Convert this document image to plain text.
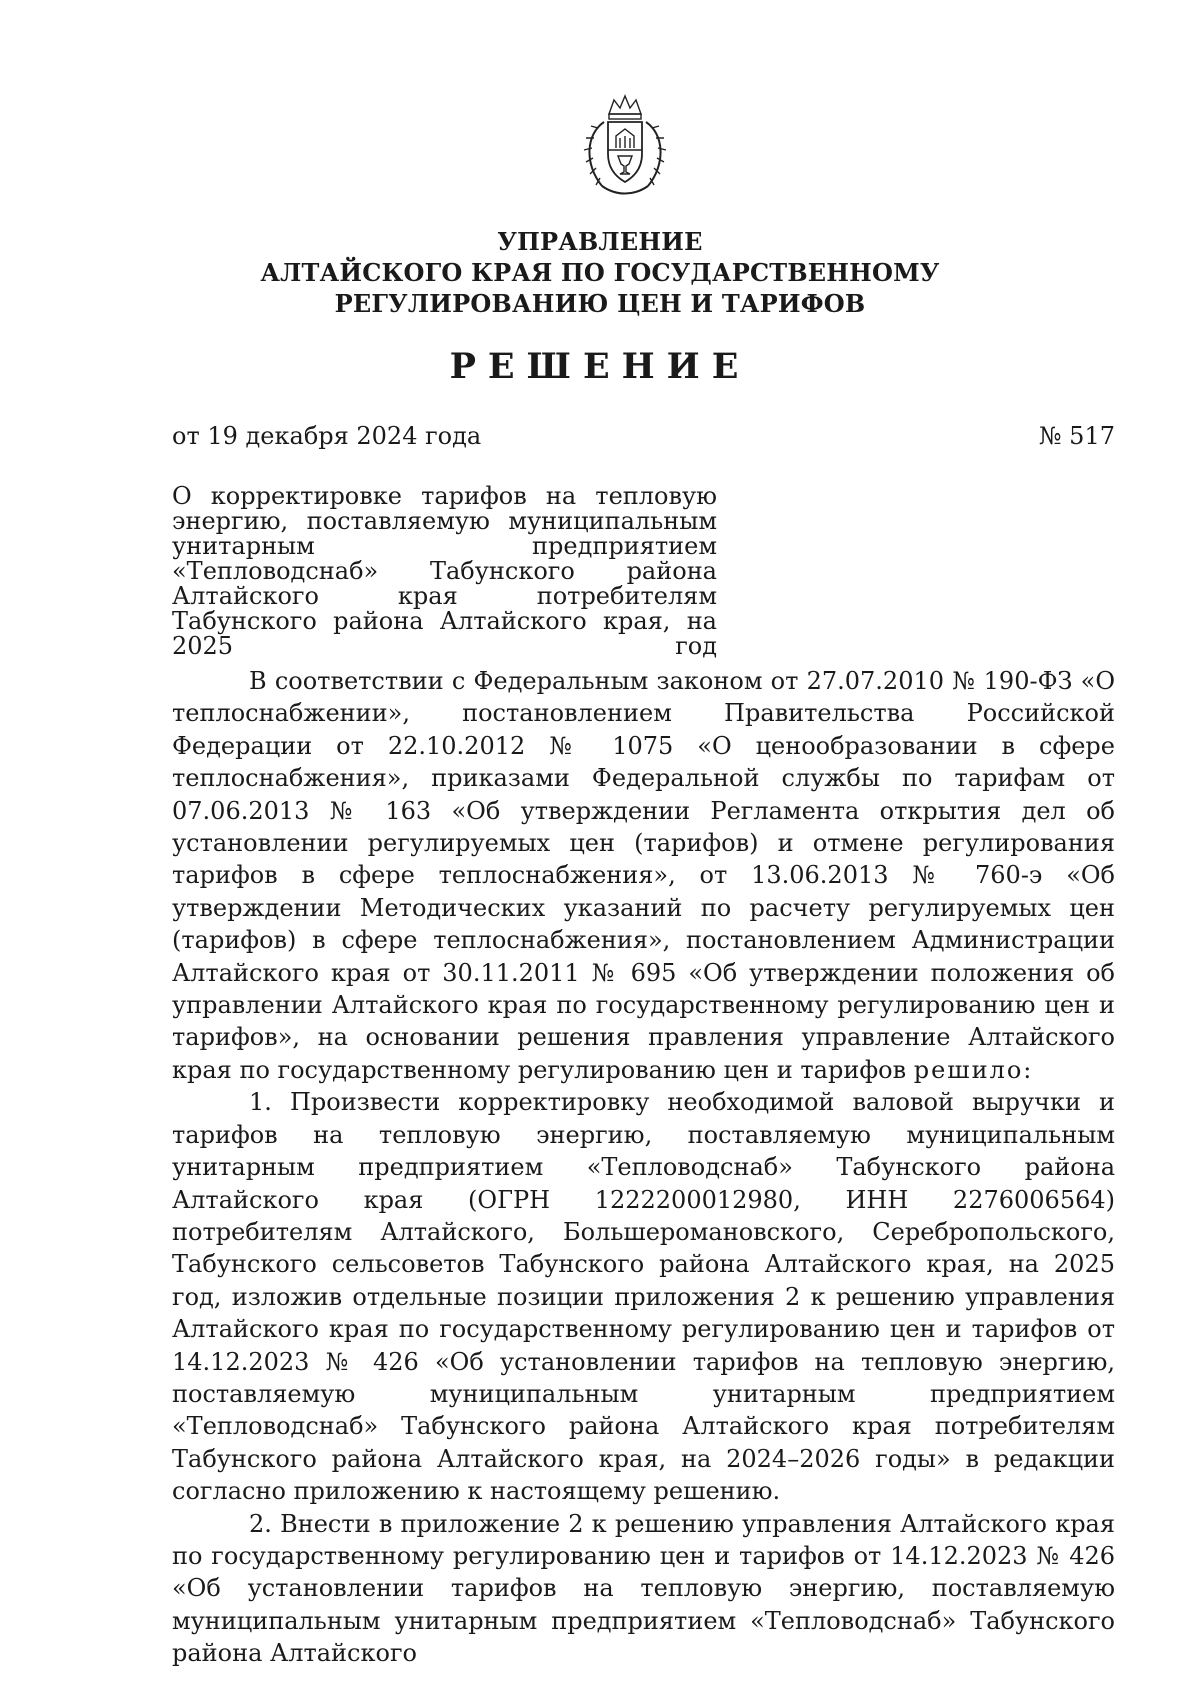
УПРАВЛЕНИЕ
АЛТАЙСКОГО КРАЯ ПО ГОСУДАРСТВЕННОМУ
РЕГУЛИРОВАНИЮ ЦЕН И ТАРИФОВ
РЕШЕНИЕ
от 19 декабря 2024 года	№ 517
О корректировке тарифов на тепловую энергию, поставляемую муниципальным унитарным предприятием «Тепловодснаб» Табунского района Алтайского края потребителям Табунского района Алтайского края, на 2025 год

В соответствии с Федеральным законом от 27.07.2010 № 190-ФЗ «О теплоснабжении», постановлением Правительства Российской Федерации от 22.10.2012 № 1075 «О ценообразовании в сфере теплоснабжения», приказами Федеральной службы по тарифам от 07.06.2013 № 163 «Об утверждении Регламента открытия дел об установлении регулируемых цен (тарифов) и отмене регулирования тарифов в сфере теплоснабжения», от 13.06.2013 № 760-э «Об утверждении Методических указаний по расчету регулируемых цен (тарифов) в сфере теплоснабжения», постановлением Администрации Алтайского края от 30.11.2011 № 695 «Об утверждении положения об управлении Алтайского края по государственному регулированию цен и тарифов», на основании решения правления управление Алтайского края по государственному регулированию цен и тарифов решило:

1. Произвести корректировку необходимой валовой выручки и тарифов на тепловую энергию, поставляемую муниципальным унитарным предприятием «Тепловодснаб» Табунского района Алтайского края (ОГРН 1222200012980, ИНН 2276006564) потребителям Алтайского, Большеромановского, Серебропольского, Табунского сельсоветов Табунского района Алтайского края, на 2025 год, изложив отдельные позиции приложения 2 к решению управления Алтайского края по государственному регулированию цен и тарифов от 14.12.2023 № 426 «Об установлении тарифов на тепловую энергию, поставляемую муниципальным унитарным предприятием «Тепловодснаб» Табунского района Алтайского края потребителям Табунского района Алтайского края, на 2024–2026 годы» в редакции согласно приложению к настоящему решению.

2. Внести в приложение 2 к решению управления Алтайского края по государственному регулированию цен и тарифов от 14.12.2023 № 426 «Об установлении тарифов на тепловую энергию, поставляемую муниципальным унитарным предприятием «Тепловодснаб» Табунского района Алтайского
